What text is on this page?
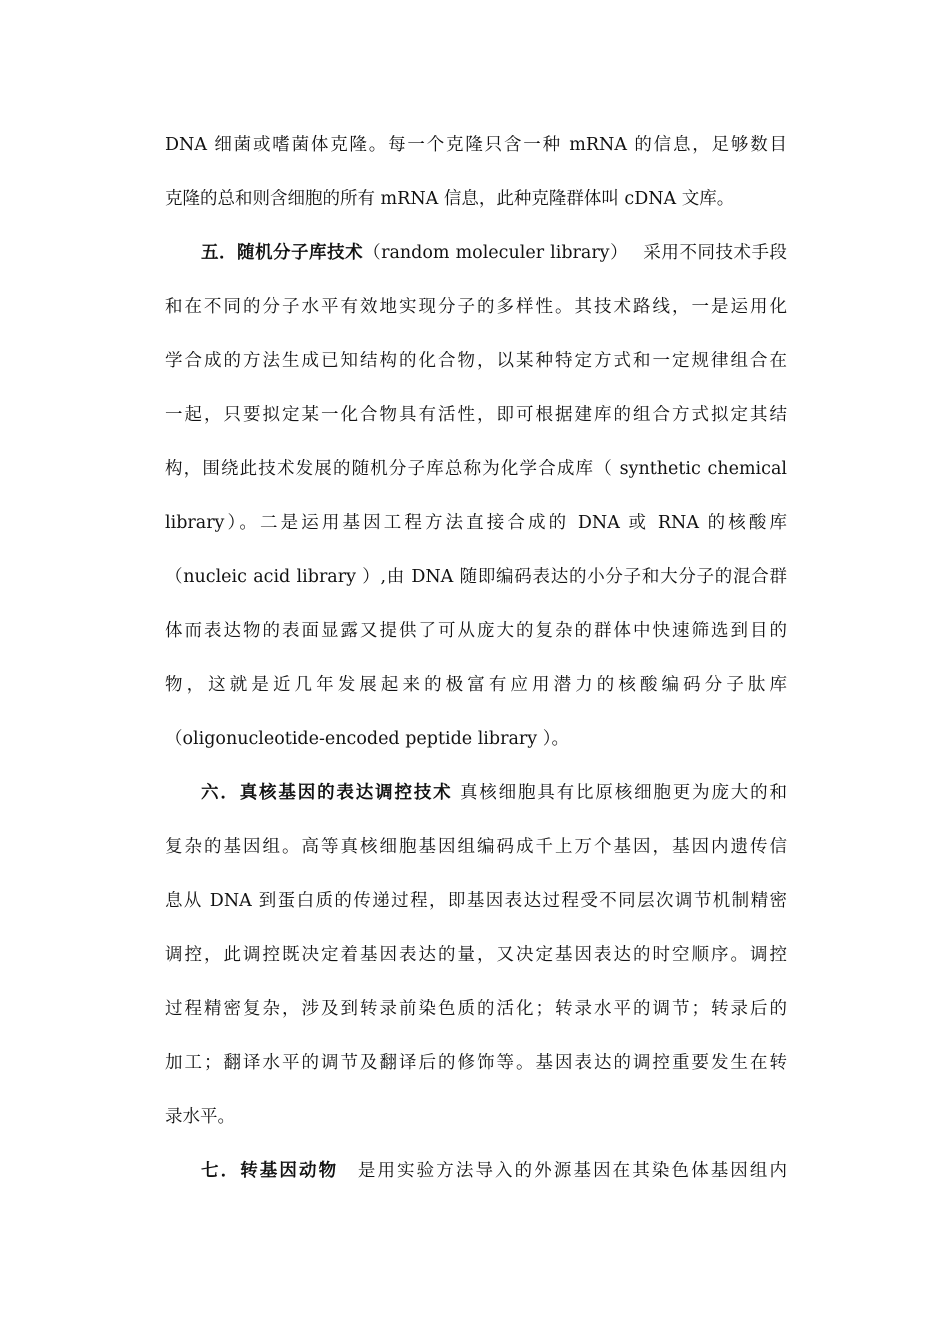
DNA 细菌或嗜菌体克隆。每一个克隆只含一种 mRNA 的信息，足够数目
克隆的总和则含细胞的所有 mRNA 信息，此种克隆群体叫 cDNA 文库。
五．随机分子库技术（random moleculer library）　 采用不同技术手段
和在不同的分子水平有效地实现分子的多样性。其技术路线，一是运用化
学合成的方法生成已知结构的化合物，以某种特定方式和一定规律组合在
一起，只要拟定某一化合物具有活性，即可根据建库的组合方式拟定其结
构，围绕此技术发展的随机分子库总称为化学合成库（ synthetic chemical
library）。二是运用基因工程方法直接合成的 DNA 或 RNA 的核酸库
（nucleic acid library ）,由 DNA 随即编码表达的小分子和大分子的混合群
体而表达物的表面显露又提供了可从庞大的复杂的群体中快速筛选到目的
物，这就是近几年发展起来的极富有应用潜力的核酸编码分子肽库
（oligonucleotide-encoded peptide library ）。
六．真核基因的表达调控技术 真核细胞具有比原核细胞更为庞大的和
复杂的基因组。高等真核细胞基因组编码成千上万个基因，基因内遗传信
息从 DNA 到蛋白质的传递过程，即基因表达过程受不同层次调节机制精密
调控，此调控既决定着基因表达的量，又决定基因表达的时空顺序。调控
过程精密复杂，涉及到转录前染色质的活化；转录水平的调节；转录后的
加工；翻译水平的调节及翻译后的修饰等。基因表达的调控重要发生在转
录水平。
七．转基因动物　是用实验方法导入的外源基因在其染色体基因组内
